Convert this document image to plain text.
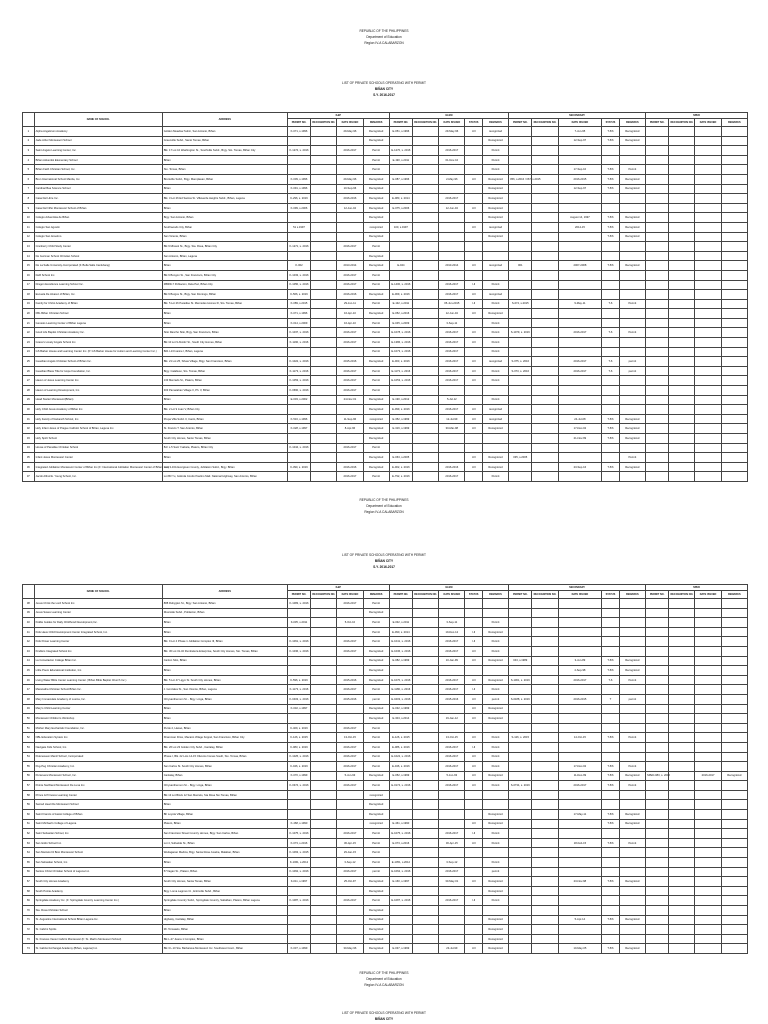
REPUBLIC OF THE PHILIPPINES
Department of Education
Region IV-A CALABARZON
LIST OF PRIVATE SCHOOLS OPERATING WITH PERMIT
BIÑAN CITY
S.Y. 2016-2017
	NAME OF SCHOOL	ADDRESS	K&P				ELEM					SECONDARY					SPED			
			PERMIT NO.	RECOGNITION NO.	DATE ISSUED	REMARKS	PERMIT NO.	RECOGNITION NO.	DATE ISSUED	STATUS	REMARKS	PERMIT NO.	RECOGNITION NO.	DATE ISSUED	STATUS	REMARKS	PERMIT NO.	RECOGNITION NO.	DATE ISSUED	REMARKS
1	Alpha Angelicum Academy	Golden Meadow Subd., San Antonio, Biñan	K-071, s.1996		29-May-96	Recognized	E-051, s.1996		29-May-96	I-III	recognized			7-Jun-95	T-5/6	Recognized				
2	Jade Arbor Montessori School	Greenville Subd., Santo Tomas, Biñan				Recognized					Recognized			12-Sep-97	T-5/6	Recognized				
3	Saint Angelo Learning Center, Inc.	Blk. 17 Lot 10 Washington St., Southville Subd., Brgy. Sto. Tomas, Biñan City	K-1274, s. 2016		2016-2017	Permit	E-1270, s. 2016		2016-2017		Permit									
4	Biñan Adventist Elementary School	Biñan				Permit	E-190, s.2011		01-Nov-10		Permit									
5	Biñan Faith Christian School, Inc.	Sto. Tomas, Biñan				Permit					Permit			17-Sep-10	T-5/6	Permit				
6	Bren International School Manila, Inc.	Brentville Subd., Brgy. Mamplasan, Biñan	K-009, s.1996		29-May-96	Recognized	E-087, s.1996		2-May-96	I-III	Recognized	056, s.2016 / 067, s.2015		2016-2015	T-5/6	Recognized				
7	Cardinal Bea Science School	Biñan	K-091, s.1996		10-Sep-96	Recognized					Recognized			12-Sep-97	T-5/6	Recognized				
8	Casa Del Libre Inc.	Blk. 3 Lot 26 Ed Santos St. Villaverde Heights Subd., Biñan, Laguna	K-296, s. 2016		2016-2016	Recognized	E-083, s. 2014		2016-2017		Recognized									
9	Casa Del Niño Montessori School of Biñan	Biñan	K-099, s.2006		12-Jun-04	Recognized	E-075, s.2006		12-Jun-04	I-III	Recognized									
10	Colegio Adventista de Biñan	Brgy. San Antonio, Biñan				Recognized					Recognized			August 14, 1997	T-5/6	Recognized				
11	Colegio San Agustin	Southwoods City, Biñan	51 s.1997			recognized	100, s.1997			I-III	recognized			2014-15	T-5/6	Recognized				
12	Colegio San Anselmo	San Vicente, Biñan				Recognized					Recognized				T-5/6	Recognized				
13	Cranberry Child Study Center	Blk 9 Mirasol St., Brgy. Sta. Rosa, Biñan City	K-1271, s. 2016		2016-2017	Permit														
14	De Guzman School Christian School	San Antonio, Biñan, Laguna				Recognized														
15	De La Salle University-Incorporated (F. Bella Salle Canlubang)	Biñan	K-002		2013-2014	Recognized	E-044		2013-2014	I-III	recognized	001		2007-2008	T-5/6	Recognized				
16	Delfi School Inc.	Blk 9 Bongon St., San Francisco, Biñan City	K-1033, s. 2016		2016-2017	Permit														
17	Dragon Excellence Learning School Inc.	MBRD-7 Poblacion, Dela Paz, Biñan City	K-1050, s. 2016		2016-2017	Permit	E-1400, s. 2016		2016-2017	I-II	Permit									
18	Escuela De Alvarez of Biñan, Inc.	Blk 9 Burgos St., Brgy. San Domingo, Biñan	K-566, s. 2016		2016-2016	Recognized	E-069, s. 2016		2016-2017	I-III	recognized									
19	Family for Christ Academy of Biñan	Blk. 5 Lot 26 Paradise St. Mercedes Homes III, Sto. Tomas, Biñan	K-089, s.2015		29-Jun-11	Permit	E-132, s.2011		05-Jun-2015	I-II	Permit	S-074, s.2015		9-May-11	T-6	Permit				
20	FBL Biñan Christian School	Biñan	K-071, s.1996		16-Apr-10	Recognized	E-052, s.2016		12-Jun-04	I-III	Recognized									
21	Genesis Learning Center of Biñan Laguna	Biñan	K-014, s.2009		16-Apr-10	Permit	E-045, s.2009		3-Sep-11		Permit									
22	Good Life Baptist Christian Academy Inc.	Sitio Rancho Sitio, Brgy. San Francisco, Biñan	K-1037, s. 2016		2016-2017	Permit	E-1078, s. 2016		2016-2017	I-III	Permit	S-1079, s. 2016		2016-2017	T-6	Permit				
23	Grace's Lovely Angels School Inc.	Blk 10 Lot 9 Aboitiz St., South City Homes, Biñan	K-1190, s. 2016		2016-2017	Permit	E-1386, s. 2016		2016-2017	I-III	Permit									
24	GS Barker House and Learning Center Inc. (P. GS Barker House for Autism and Learning Center Inc.)	B21 L13 Ivanne I, Biñan, Laguna				Permit	E-1073, s. 2016		2016-2017		Permit									
25	Guardian Angels Christian School of Biñan Inc.	Blk. 21 Lot 25, Silvas Village, Brgy. San Francisco, Biñan	K-1022, s. 2016		2015-2016	Recognized	E-003, s. 2016		2016-2017	I-III	recognized	S-075, s. 2016		2016-2017	T-6	permit				
26	Guardian Bless Title for Hope Foundation, Inc.	Brgy. Calabuso, Sto. Tomas, Biñan	K-1173, s. 2016		2016-2017	Permit	E-1173, s. 2016		2016-2017	I-III	Permit	S-073, s. 2016		2016-2017	T-6	permit				
27	Haven of Jesus Learning Center Inc.	133 Mercado St., Platero, Biñan	K-1053, s. 2016		2016-2017	Permit	E-1053, s. 2016		2016-2017	I-III	Permit									
28	Haven of Learning Development, Inc.	303 Pamatahan Village II, Ph. V, Biñan	K-0660, s. 2016		2016-2017	Permit														
29	Head Starter Montessori(Biñan)	Biñan	E-003, s.2002		24-Nov-01	Recognized	E-190, s.2012		5-Jul-12		Permit									
30	Holy Child Jesus Academy of Biñan Inc.	Blk. 2 Lot 9 Juan V, Biñan City				Recognized	E-099, s. 2016		2016-2017	I-III	recognized									
31	Holy Family of Nazareth School, Inc.	Prepa Villa Subd. II, Canlo, Biñan	K-516, s.1996		11-Sep-96	recognized	E-352, s.1999		12-Jul-99	I-III	recognized			24-Jul-08	T-5/6	Recognized				
32	Holy Infant Jesus of Prague Catholic School of Biñan, Laguna Inc.	St. Francis T. San Antonio, Biñan	K-028, s.1997		8-Apr-96	Recognized	E-316, s.1999		30-Mar-98	I-III	Recognized			17-Dec-02	T-5/6	Recognized				
33	Holy Spirit School	South City Homes, Santo Tomas, Biñan				Recognized								21-Nov-99	T-5/6	Recognized				
34	House of Paradise Christian School	B-F L-5 Sant Ysabela, Platero, Biñan City	K-1044, s. 2016		2016-2017	Permit														
35	Infant Jesus Montessori Center	Biñan				Recognized	E-063, s.2005			I-III	Recognized	035, s.2005				Permit				
36	Integrated Jubilation Montessori Center of Biñan Inc.(F: International Jubilation Montessori Center of Biñan, Inc.)	Lots 3-16A Evergreen County, Jubilation Subd., Brgy. Biñan	K-390, s. 2016		2016-2016	Recognized	E-002, s. 2016		2016-2016	I-III	Recognized			23-Sep-16	T-5/6	Recognized				
37	Jacob Alfred E. Young School, Inc.	Lot B3 Yu, Golinda Condo Paulino Matl. National Highway, San Antonio, Biñan			2016-2017	Permit	E-792, s. 2016		2016-2017		Permit									
REPUBLIC OF THE PHILIPPINES
Department of Education
Region IV-A CALABARZON
LIST OF PRIVATE SCHOOLS OPERATING WITH PERMIT
BIÑAN CITY
S.Y. 2016-2017
	NAME OF SCHOOL	ADDRESS	K&P				ELEM					SECONDARY					SPED			
			PERMIT NO.	RECOGNITION NO.	DATE ISSUED	REMARKS	PERMIT NO.	RECOGNITION NO.	DATE ISSUED	STATUS	REMARKS	PERMIT NO.	RECOGNITION NO.	DATE ISSUED	STATUS	REMARKS	PERMIT NO.	RECOGNITION NO.	DATE ISSUED	REMARKS
38	Jesus Christ the Lord School Inc.	888 Rubyglen St., Brgy. San Antonio, Biñan	K-1083, s. 2016		2016-2017	Permit														
39	Jesus Saves Learning Center	Riverside Subd., Poblacion, Biñan				Recognized														
40	Kiddie Guides for Daily Childhood Development,Inc.	Biñan	K-035, s.2011		5-Oct-10	Permit	E-032, s.2011		3-Sep-11		Permit									
41	Kids Haus Child Development Center Integrated School, Inc.	Biñan				Permit	E-090, s. 2014		19-Dec-12	I-II	Recognized									
42	Kids Power Learning Center	Blk. 9 Lot 4 Phase 1 Jubilation Complex III, Biñan	K-1061, s. 2016		2016-2017	Permit	E-1041, s. 2016		2016-2017	I-II	Permit									
43	Kindlers Integrated School Inc.	Blk. 30 Lot 31-32 Rumbeleza Enterprise, South City Homes, Sto. Tomas, Biñan	K-1036, s. 2016		2016-2017	Recognized	E-1036, s. 2016		2016-2017	I-III	Permit									
44	La Consolacion College Biñan Inc.	Canlon Sitio, Biñan				Recognized	E-082, s.1999		10-Jan-99	I-III	Recognized	043, s.1989		3-Jun-89	T-5/6	Recognized				
45	Little Poem Educational Institution, Inc.	Biñan				Recognized								4-Sep-98	T-5/6	Recognized				
46	Living Water Bible Center Learning Center ( Biñan Bible Baptist Church Inc.)	Blk. 5 Lot 47 Ligyo St. South City Homes, Biñan	K-596, s. 2016		2015-2016	Recognized	E-1070, s. 2016		2016-2017	I-III	Recognized	S-1061, s. 2016		2016-2017	T-6	Permit				
47	Maranatha Christian School Biñan Inc.	J. Gonzales St., San Vicente, Biñan, Laguna	K-1173, s. 2016		2016-2017	Permit	E-1180, s. 2016		2016-2017	I-II	Permit									
48	Mary Immaculate Academy of Lusina, Inc.	Chrysanthemum St. - Brgy. Linga, Biñan	K-0403, s. 2016		2015-2016	permit	E-0403, s. 2016		2015-2016	I-III	permit	S-0188, s. 2016		2016-2015	T	permit				
49	Mary's Child Learning Center	Biñan	K-032, s.1997			Recognized	E-032, s.1999			I-III	Recognized									
50	Montessori Children's Workshop	Biñan				Recognized	E-304, s.2014		19-Jan-12	I-III	Recognized									
51	Mother Mary Eucharistic Foundation, Inc.	Purok 2, Hacao, Biñan	K-409, s. 2016		2016-2017	Permit														
52	NBL Education System Inc.	Kharoman Drive, Macario Village Koppel, San Francisco, Biñan City	K-126, s. 2015		13-Oct-15	Permit	E-126, s. 2015		13-Oct-15	I-III	Permit	S-126, s. 2015		14-Oct-15	T-5/6	Permit				
53	Navigate Kids School, Inc.	Blk. 26 Lot 23 Golden City Subd., Canlalay, Biñan	K-083, s. 2016		2016-2017	Permit	E-086, s. 2016		2016-2017	I-II	Permit									
54	Pelenesaun Marvil School, Incorporated	Phase I, Blk. 22 Lots 14-15 Oliveros homes South, Sto. Tomas, Biñan	K-1025, s. 2016		2016-2017	Permit	E-1022, s. 2016		2016-2017	I-III	Permit									
55	Peg-Peg Christian Academy, Inc.	San Carlos St. South City Homes, Biñan	K-046, s. 2016		2016-2017	Permit	E-046, s. 2016		2016-2017	I-III	Permit			17-Dec-02	T-5/6	Permit				
56	Persevera Montessori School, Inc.	Canlalay, Biñan	K-070, s.1999		5-Jun-93	Recognized	E-052, s.1999		5-Jun-93	I-III	Recognized			11-Dec-99	T-5/6	Recognized	SPED-083, s. 2016		2016-2017	Recognized
57	Pointe Nazhland Montessori De Luna Inc.	Chrysanthemum St. - Brgy. Linga, Biñan	K-0374, s. 2016		2016-2017	Permit	E-0174, s. 2016		2016-2017	I-III	Permit	S-0734, s. 2016		2016-2017	T-5/6	Permit				
58	Prince & Princess Learning Center	Blk 13 Lot Block 12 San Marcelo, Sta Rosa Sto.Tomas, Biñan				recognized														
59	Sacred Heart De Montessori School	Biñan				Recognized														
60	Saint Francis of Assisi College of Biñan	BF Loyola Village, Biñan				Recognized					Recognized			17-May-11	T-5/6	Recognized				
61	Saint Michael's College of Laguna	Platero, Biñan	K-468, s.1990			recognized	E-461, s.1990			I-III	Recognized				T-5/6	Recognized				
62	Saint Sebastian School, Inc.	San Francisco Street Country Homes, Brgy. San Carlos, Biñan	K-1075, s. 2016		2016-2017	Permit	E-1075, s. 2016		2016-2017	I-II	Permit									
63	San Isidro School Inc.	Lot 4, Sulivelde St., Biñan	K-073, s.2016		30-Apr-15	Permit	E-073, s.2016		30-Apr-15	I-III	Permit			18-Feb-15	T-5/6	Permit				
64	San Marcelo Di Bosi Montessori School	Wedaganan Medica, Brgy. Santa Rosa Juseba, Malaban, Biñan	K-1063, s. 2015		29-Jan-15	Permit														
65	San Sebastian School, Inc.	Biñan	K-1061, s.2012		3-Sep-12	Permit	E-1051, s.2012		3-Sep-12		Permit									
66	Santos Christ Christian School of Laguna Inc.	57 Ilagan St., Platero, Biñan	K-1062, s. 2016		2016-2017	permit	E-1062, s. 2016		2016-2017		permit									
67	South City Homes Academy	South City Homes, Santa Tomas, Biñan	K-011, s.1997		25-Oct-97	Recognized	E-160, s.1997		30-May-01	I-III	Recognized			23-Nov-98	T-5/6	Recognized				
68	South Pointe Academy	Brgy. Loma Lagmus Ct., Entinville Subd., Biñan				Recognized					Recognized									
69	Springdale Academy Inc. (F: Springdale Country Learning Center Inc.)	Springdale Country Subd., Springdale Country, Sabalban, Platero, Biñan Laguna	K-1087, s. 2016		2016-2017	Permit	E-1087, s. 2016		2016-2017	I-II	Permit									
70	Sta. Rosa Christian School	Biñan				Recognized														
71	St. Augustine International School Biñan Laguna Inc.	Highway, Canlalay, Biñan				Recognized					Recognized			5-Apr-14	T-5/6	Recognized				
72	St. Cabrini Spirits	Mr. Tomaselo, Biñan				Recognized					Recognized									
73	St. Frances Xavier Cabrini Montessori (F: St. Mark's Montessori School)	Blk L-27 Juana 1 Complex, Biñan				Recognized					Recognized									
74	St. Gabriel Archangel Academy (Biñan, Laguna) Inc.	Blk 3 L.10 Sta. Barbarava Montessori Inc. Southwest Court., Biñan	K-037, s.1999		30-May-96	Recognized	E-037, s.1999		23-Jul-99	I-III	Recognized			10-May-05	T-5/6	Recognized				
REPUBLIC OF THE PHILIPPINES
Department of Education
Region IV-A CALABARZON
LIST OF PRIVATE SCHOOLS OPERATING WITH PERMIT
BIÑAN CITY
